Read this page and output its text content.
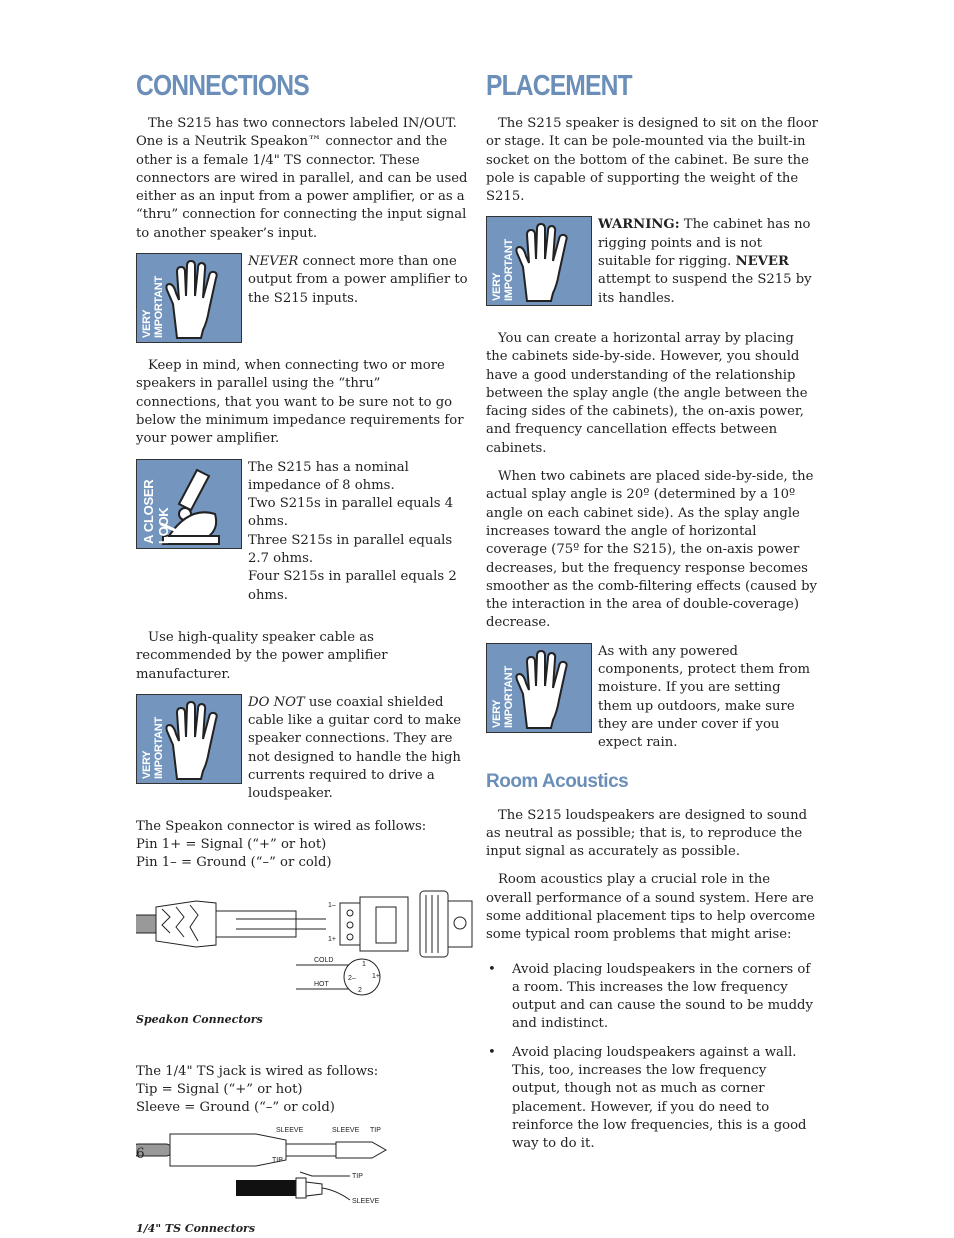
CONNECTIONS

The S215 has two connectors labeled IN/OUT. One is a Neutrik Speakon™ connector and the other is a female 1/4" TS connector. These connectors are wired in parallel, and can be used either as an input from a power amplifier, or as a “thru” connection for connecting the input signal to another speaker’s input.

VERY IMPORTANT
NEVER connect more than one output from a power amplifier to the S215 inputs.

Keep in mind, when connecting two or more speakers in parallel using the “thru” connections, that you want to be sure not to go below the minimum impedance requirements for your power amplifier.

A CLOSER LOOK

The S215 has a nominal impedance of 8 ohms.

Two S215s in parallel equals 4 ohms.

Three S215s in parallel equals 2.7 ohms.

Four S215s in parallel equals 2 ohms.

Use high-quality speaker cable as recommended by the power amplifier manufacturer.

VERY IMPORTANT
DO NOT use coaxial shielded cable like a guitar cord to make speaker connections. They are not designed to handle the high currents required to drive a loudspeaker.

The Speakon connector is wired as follows:

Pin 1+ = Signal (“+” or hot)

Pin 1– = Ground (“–” or cold)

1–
1+
COLD
HOT
1
1+
2–
2

Speakon Connectors

The 1/4" TS jack is wired as follows:

Tip = Signal (“+” or hot)

Sleeve = Ground (“–” or cold)

SLEEVE	SLEEVE TIP
TIP
TIP
SLEEVE

1/4" TS Connectors

PLACEMENT

The S215 speaker is designed to sit on the floor or stage. It can be pole-mounted via the built-in socket on the bottom of the cabinet. Be sure the pole is capable of supporting the weight of the S215.

VERY IMPORTANT
WARNING: The cabinet has no rigging points and is not suitable for rigging. NEVER attempt to suspend the S215 by its handles.

You can create a horizontal array by placing the cabinets side-by-side. However, you should have a good understanding of the relationship between the splay angle (the angle between the facing sides of the cabinets), the on-axis power, and frequency cancellation effects between cabinets.

When two cabinets are placed side-by-side, the actual splay angle is 20º (determined by a 10º angle on each cabinet side). As the splay angle increases toward the angle of horizontal coverage (75º for the S215), the on-axis power decreases, but the frequency response becomes smoother as the comb-filtering effects (caused by the interaction in the area of double-coverage) decrease.

VERY IMPORTANT
As with any powered components, protect them from moisture. If you are setting them up outdoors, make sure they are under cover if you expect rain.
Room Acoustics

The S215 loudspeakers are designed to sound as neutral as possible; that is, to reproduce the input signal as accurately as possible.

Room acoustics play a crucial role in the overall performance of a sound system. Here are some additional placement tips to help overcome some typical room problems that might arise:

• Avoid placing loudspeakers in the corners of a room. This increases the low frequency output and can cause the sound to be muddy and indistinct.
• Avoid placing loudspeakers against a wall. This, too, increases the low frequency output, though not as much as corner placement. However, if you do need to reinforce the low frequencies, this is a good way to do it.
6
